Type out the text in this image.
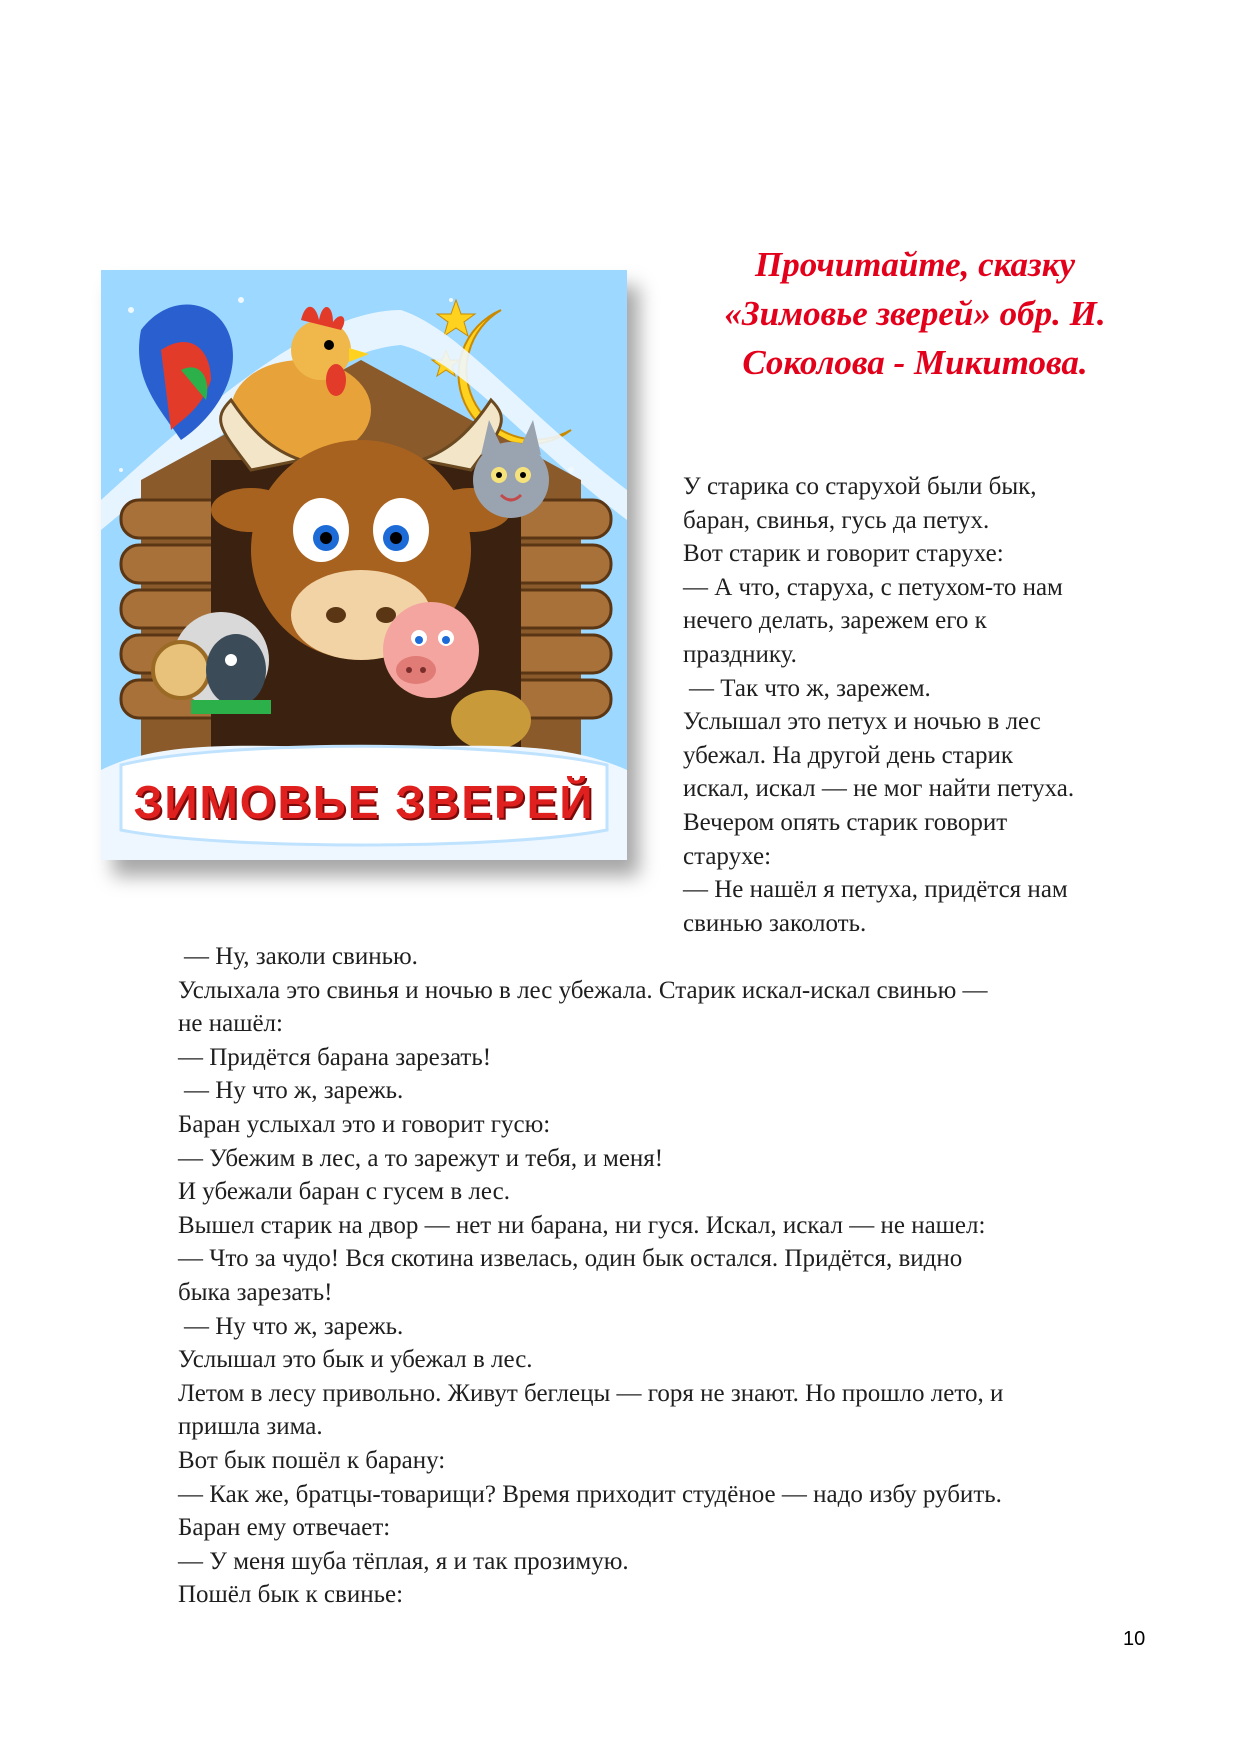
ЗИМОВЬЕ ЗВЕРЕЙ
Прочитайте, сказку
«Зимовье зверей» обр. И.
Соколова - Микитова.
У старика со старухой были бык,
баран, свинья, гусь да петух.
Вот старик и говорит старухе:
— А что, старуха, с петухом-то нам
нечего делать, зарежем его к
празднику.
— Так что ж, зарежем.
Услышал это петух и ночью в лес
убежал. На другой день старик
искал, искал — не мог найти петуха.
Вечером опять старик говорит
старухе:
— Не нашёл я петуха, придётся нам
свинью заколоть.
— Ну, заколи свинью.
Услыхала это свинья и ночью в лес убежала. Старик искал-искал свинью —
не нашёл:
— Придётся барана зарезать!
— Ну что ж, зарежь.
Баран услыхал это и говорит гусю:
— Убежим в лес, а то зарежут и тебя, и меня!
И убежали баран с гусем в лес.
Вышел старик на двор — нет ни барана, ни гуся. Искал, искал — не нашел:
— Что за чудо! Вся скотина извелась, один бык остался. Придётся, видно
быка зарезать!
— Ну что ж, зарежь.
Услышал это бык и убежал в лес.
Летом в лесу привольно. Живут беглецы — горя не знают. Но прошло лето, и
пришла зима.
Вот бык пошёл к барану:
— Как же, братцы-товарищи? Время приходит студёное — надо избу рубить.
Баран ему отвечает:
— У меня шуба тёплая, я и так прозимую.
Пошёл бык к свинье:
10
